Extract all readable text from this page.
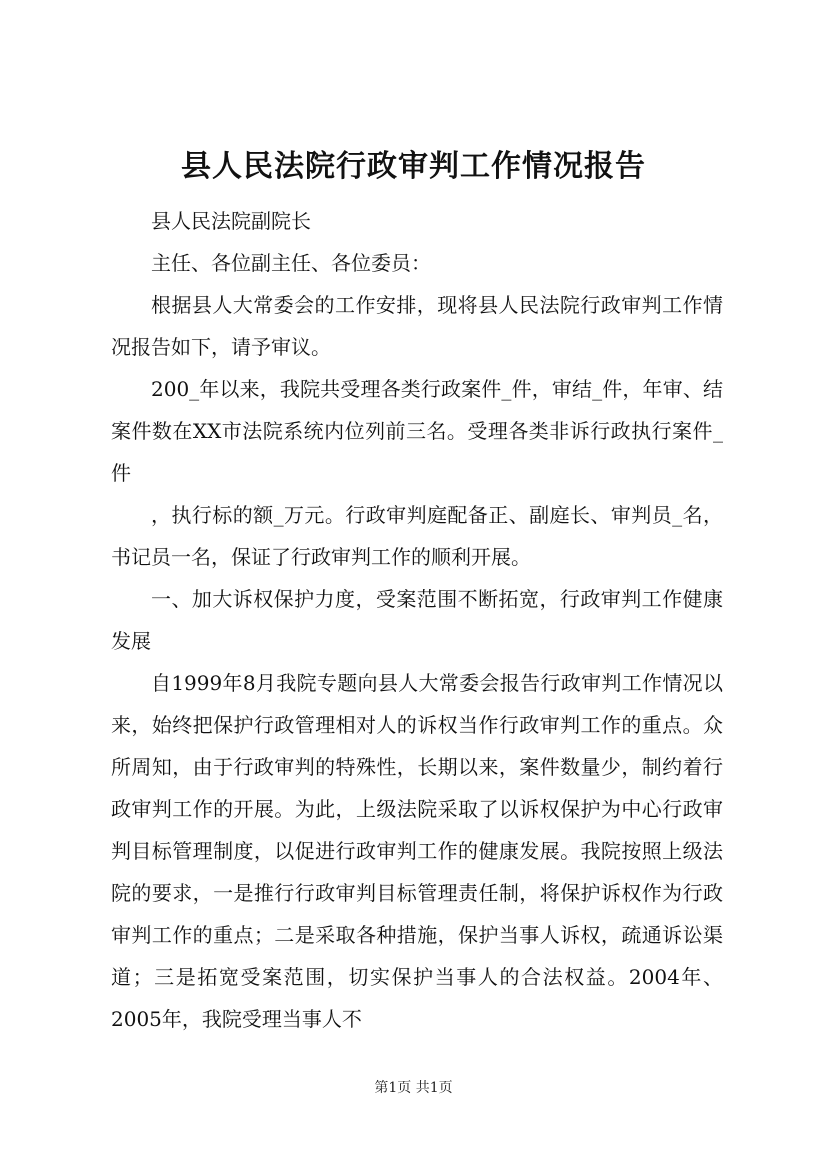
县人民法院行政审判工作情况报告

县人民法院副院长

主任、各位副主任、各位委员：

根据县人大常委会的工作安排，现将县人民法院行政审判工作情况报告如下，请予审议。

200_年以来，我院共受理各类行政案件_件，审结_件，年审、结案件数在XX市法院系统内位列前三名。受理各类非诉行政执行案件_件

，执行标的额_万元。行政审判庭配备正、副庭长、审判员_名，书记员一名，保证了行政审判工作的顺利开展。

一、加大诉权保护力度，受案范围不断拓宽，行政审判工作健康发展

自1999年8月我院专题向县人大常委会报告行政审判工作情况以来，始终把保护行政管理相对人的诉权当作行政审判工作的重点。众所周知，由于行政审判的特殊性，长期以来，案件数量少，制约着行政审判工作的开展。为此，上级法院采取了以诉权保护为中心行政审判目标管理制度，以促进行政审判工作的健康发展。我院按照上级法院的要求，一是推行行政审判目标管理责任制，将保护诉权作为行政审判工作的重点；二是采取各种措施，保护当事人诉权，疏通诉讼渠道；三是拓宽受案范围，切实保护当事人的合法权益。2004年、2005年，我院受理当事人不

第1页 共1页
